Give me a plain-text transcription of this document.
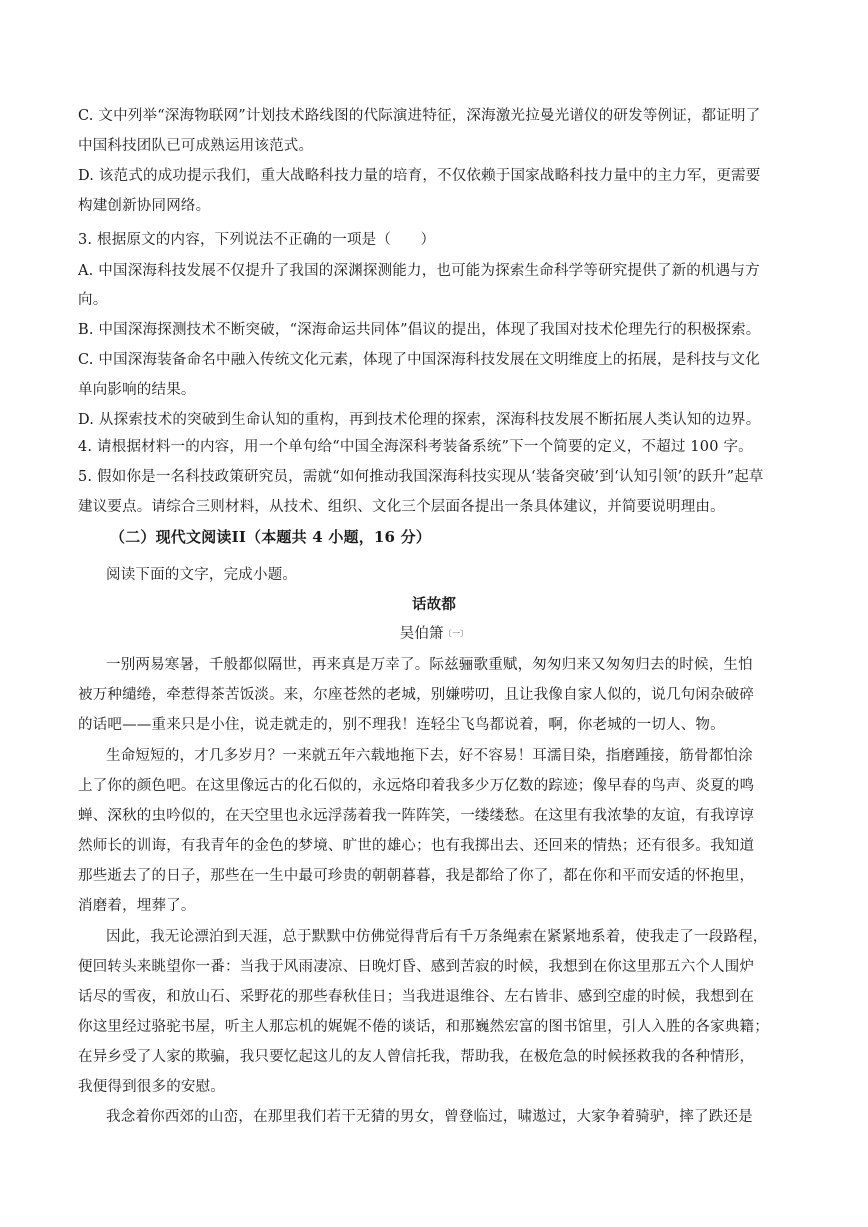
C. 文中列举“深海物联网”计划技术路线图的代际演进特征，深海激光拉曼光谱仪的研发等例证，都证明了
中国科技团队已可成熟运用该范式。
D. 该范式的成功提示我们，重大战略科技力量的培育，不仅依赖于国家战略科技力量中的主力军，更需要
构建创新协同网络。
3. 根据原文的内容，下列说法不正确的一项是（　　）
A. 中国深海科技发展不仅提升了我国的深渊探测能力，也可能为探索生命科学等研究提供了新的机遇与方
向。
B. 中国深海探测技术不断突破，“深海命运共同体”倡议的提出，体现了我国对技术伦理先行的积极探索。
C. 中国深海装备命名中融入传统文化元素，体现了中国深海科技发展在文明维度上的拓展，是科技与文化
单向影响的结果。
D. 从探索技术的突破到生命认知的重构，再到技术伦理的探索，深海科技发展不断拓展人类认知的边界。
4. 请根据材料一的内容，用一个单句给“中国全海深科考装备系统”下一个简要的定义，不超过 100 字。
5. 假如你是一名科技政策研究员，需就“如何推动我国深海科技实现从‘装备突破’到‘认知引领’的跃升”起草
建议要点。请综合三则材料，从技术、组织、文化三个层面各提出一条具体建议，并简要说明理由。
（二）现代文阅读II（本题共 4 小题，16 分）
阅读下面的文字，完成小题。
话故都
吴伯箫$^{〔一〕}$
一别两易寒暑，千般都似隔世，再来真是万幸了。际兹骊歌重赋，匆匆归来又匆匆归去的时候，生怕
被万种缱绻，牵惹得茶苦饭淡。来，尔座苍然的老城，别嫌唠叨，且让我像自家人似的，说几句闲杂破碎
的话吧——重来只是小住，说走就走的，别不理我！连轻尘飞鸟都说着，啊，你老城的一切人、物。
生命短短的，才几多岁月？一来就五年六载地拖下去，好不容易！耳濡目染，指磨踵接，筋骨都怕涂
上了你的颜色吧。在这里像远古的化石似的，永远烙印着我多少万亿数的踪迹；像早春的鸟声、炎夏的鸣
蝉、深秋的虫吟似的，在天空里也永远浮荡着我一阵阵笑，一缕缕愁。在这里有我浓挚的友谊，有我谆谆
然师长的训诲，有我青年的金色的梦境、旷世的雄心；也有我掷出去、还回来的情热；还有很多。我知道
那些逝去了的日子，那些在一生中最可珍贵的朝朝暮暮，我是都给了你了，都在你和平而安适的怀抱里，
消磨着，埋葬了。
因此，我无论漂泊到天涯，总于默默中仿佛觉得背后有千万条绳索在紧紧地系着，使我走了一段路程，
便回转头来眺望你一番：当我于风雨凄凉、日晚灯昏、感到苦寂的时候，我想到在你这里那五六个人围炉
话尽的雪夜，和放山石、采野花的那些春秋佳日；当我进退维谷、左右皆非、感到空虚的时候，我想到在
你这里经过骆驼书屋，听主人那忘机的娓娓不倦的谈话，和那巍然宏富的图书馆里，引人入胜的各家典籍；
在异乡受了人家的欺骗，我只要忆起这儿的友人曾信托我，帮助我，在极危急的时候拯救我的各种情形，
我便得到很多的安慰。
我念着你西郊的山峦，在那里我们若干无猜的男女，曾登临过，啸遨过，大家争着骑驴，摔了跌还是
